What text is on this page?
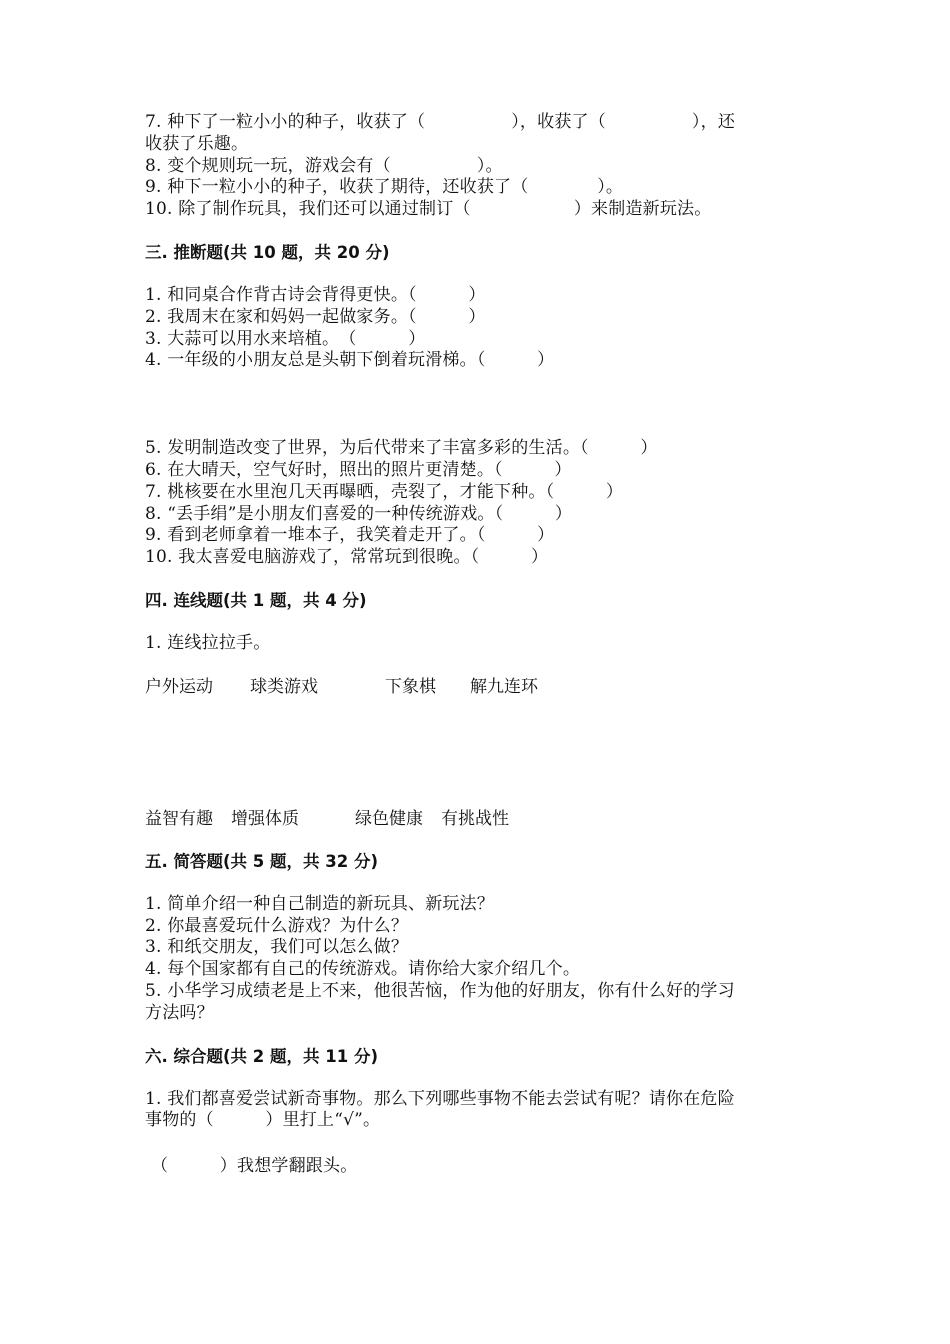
7. 种下了一粒小小的种子，收获了（　　　　　），收获了（　　　　　），还
收获了乐趣。
8. 变个规则玩一玩，游戏会有（　　　　　）。
9. 种下一粒小小的种子，收获了期待，还收获了（　　　　）。
10. 除了制作玩具，我们还可以通过制订（　　　　　　）来制造新玩法。
三. 推断题(共 10 题，共 20 分)
1. 和同桌合作背古诗会背得更快。（　　　）
2. 我周末在家和妈妈一起做家务。（　　　）
3. 大蒜可以用水来培植。　（　　　）
4. 一年级的小朋友总是头朝下倒着玩滑梯。（　　　）
5. 发明制造改变了世界，为后代带来了丰富多彩的生活。（　　　）
6. 在大晴天，空气好时，照出的照片更清楚。（　　　）
7. 桃核要在水里泡几天再曝晒，壳裂了，才能下种。（　　　）
8. “丢手绢”是小朋友们喜爱的一种传统游戏。（　　　）
9. 看到老师拿着一堆本子，我笑着走开了。（　　　）
10. 我太喜爱电脑游戏了，常常玩到很晚。（　　　）
四. 连线题(共 1 题，共 4 分)
1. 连线拉拉手。
户外运动 球类游戏	下象棋 解九连环
益智有趣 增强体质	绿色健康 有挑战性
五. 简答题(共 5 题，共 32 分)
1. 简单介绍一种自己制造的新玩具、新玩法？
2. 你最喜爱玩什么游戏？为什么？
3. 和纸交朋友，我们可以怎么做？
4. 每个国家都有自己的传统游戏。请你给大家介绍几个。
5. 小华学习成绩老是上不来，他很苦恼，作为他的好朋友，你有什么好的学习
方法吗？
六. 综合题(共 2 题，共 11 分)
1. 我们都喜爱尝试新奇事物。那么下列哪些事物不能去尝试有呢？请你在危险
事物的（　　　）里打上“√”。
（　　　）我想学翻跟头。
